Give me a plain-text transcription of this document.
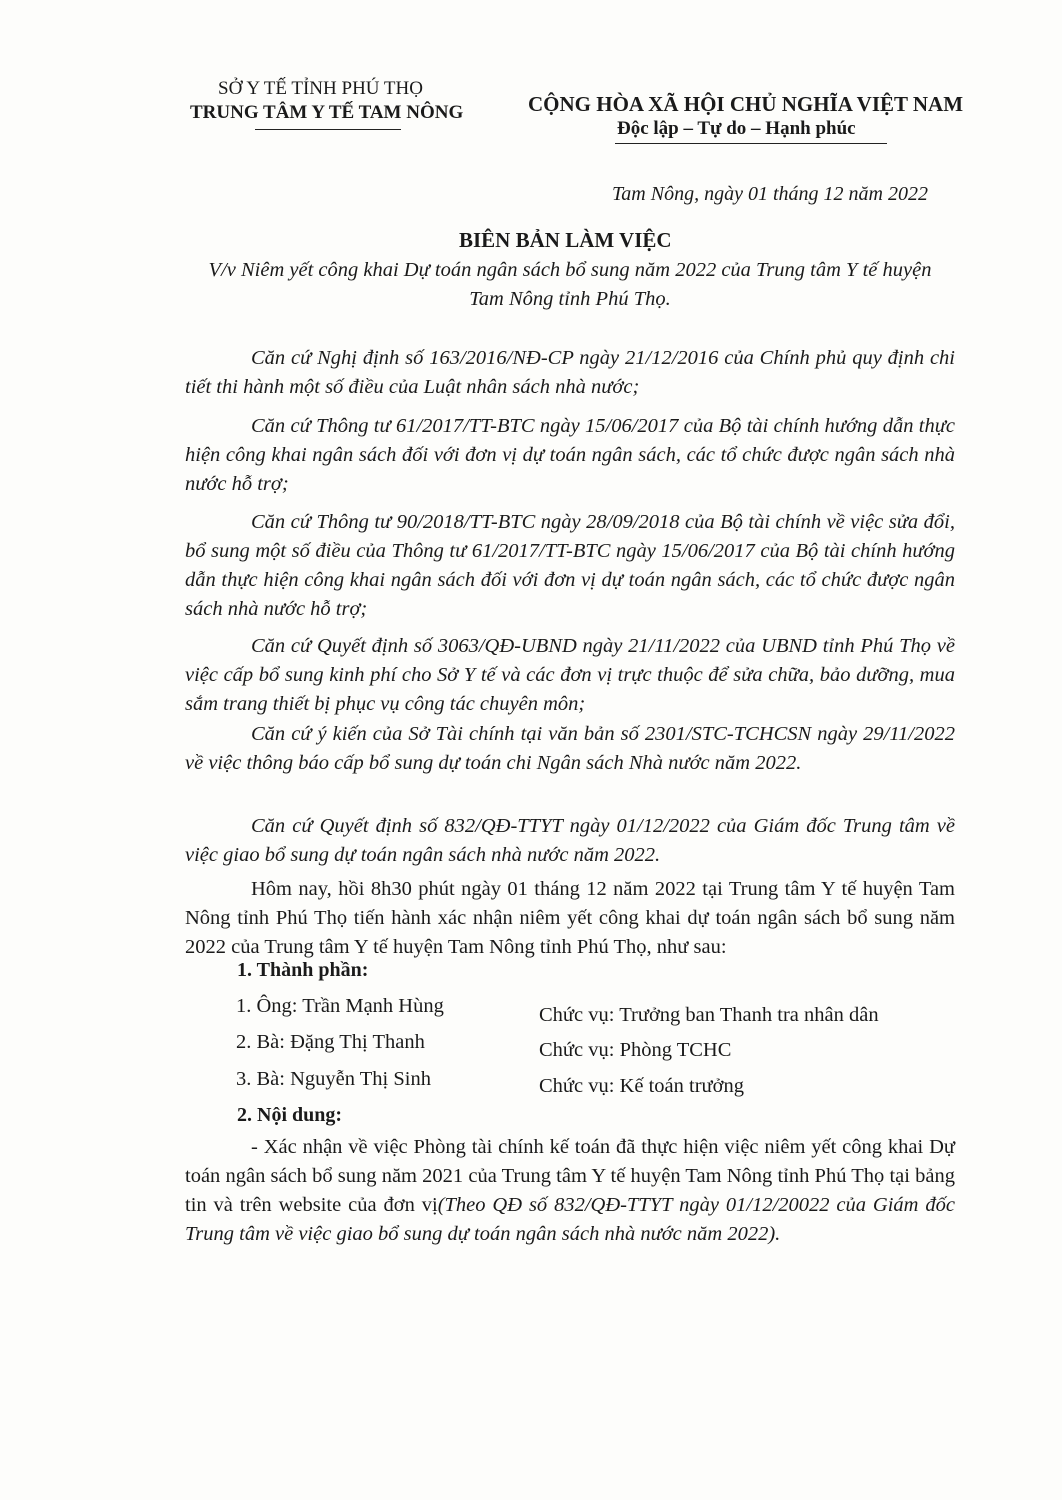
SỞ Y TẾ TỈNH PHÚ THỌ
TRUNG TÂM Y TẾ TAM NÔNG	CỘNG HÒA XÃ HỘI CHỦ NGHĨA VIỆT NAM
Độc lập – Tự do – Hạnh phúc
Tam Nông, ngày 01 tháng 12 năm 2022
BIÊN BẢN LÀM VIỆC
V/v Niêm yết công khai Dự toán ngân sách bổ sung năm 2022 của Trung tâm Y tế huyện Tam Nông tỉnh Phú Thọ.
Căn cứ Nghị định số 163/2016/NĐ-CP ngày 21/12/2016 của Chính phủ quy định chi tiết thi hành một số điều của Luật nhân sách nhà nước;
Căn cứ Thông tư 61/2017/TT-BTC ngày 15/06/2017 của Bộ tài chính hướng dẫn thực hiện công khai ngân sách đối với đơn vị dự toán ngân sách, các tổ chức được ngân sách nhà nước hỗ trợ;
Căn cứ Thông tư 90/2018/TT-BTC ngày 28/09/2018 của Bộ tài chính về việc sửa đổi, bổ sung một số điều của Thông tư 61/2017/TT-BTC ngày 15/06/2017 của Bộ tài chính hướng dẫn thực hiện công khai ngân sách đối với đơn vị dự toán ngân sách, các tổ chức được ngân sách nhà nước hỗ trợ;
Căn cứ Quyết định số 3063/QĐ-UBND ngày 21/11/2022 của UBND tỉnh Phú Thọ về việc cấp bổ sung kinh phí cho Sở Y tế và các đơn vị trực thuộc để sửa chữa, bảo dưỡng, mua sắm trang thiết bị phục vụ công tác chuyên môn;
Căn cứ ý kiến của Sở Tài chính tại văn bản số 2301/STC-TCHCSN ngày 29/11/2022 về việc thông báo cấp bổ sung dự toán chi Ngân sách Nhà nước năm 2022.
Căn cứ Quyết định số 832/QĐ-TTYT ngày 01/12/2022 của Giám đốc Trung tâm về việc giao bổ sung dự toán ngân sách nhà nước năm 2022.
Hôm nay, hồi 8h30 phút ngày 01 tháng 12 năm 2022 tại Trung tâm Y tế huyện Tam Nông tỉnh Phú Thọ tiến hành xác nhận niêm yết công khai dự toán ngân sách bổ sung năm 2022 của Trung tâm Y tế huyện Tam Nông tỉnh Phú Thọ, như sau:
1. Thành phần:
1. Ông: Trần Mạnh Hùng	Chức vụ: Trưởng ban Thanh tra nhân dân
2. Bà: Đặng Thị Thanh	Chức vụ: Phòng TCHC
3. Bà: Nguyễn Thị Sinh	Chức vụ: Kế toán trưởng
2. Nội dung:
- Xác nhận về việc Phòng tài chính kế toán đã thực hiện việc niêm yết công khai Dự toán ngân sách bổ sung năm 2021 của Trung tâm Y tế huyện Tam Nông tỉnh Phú Thọ tại bảng tin và trên website của đơn vị(Theo QĐ số 832/QĐ-TTYT ngày 01/12/20022 của Giám đốc Trung tâm về việc giao bổ sung dự toán ngân sách nhà nước năm 2022).
